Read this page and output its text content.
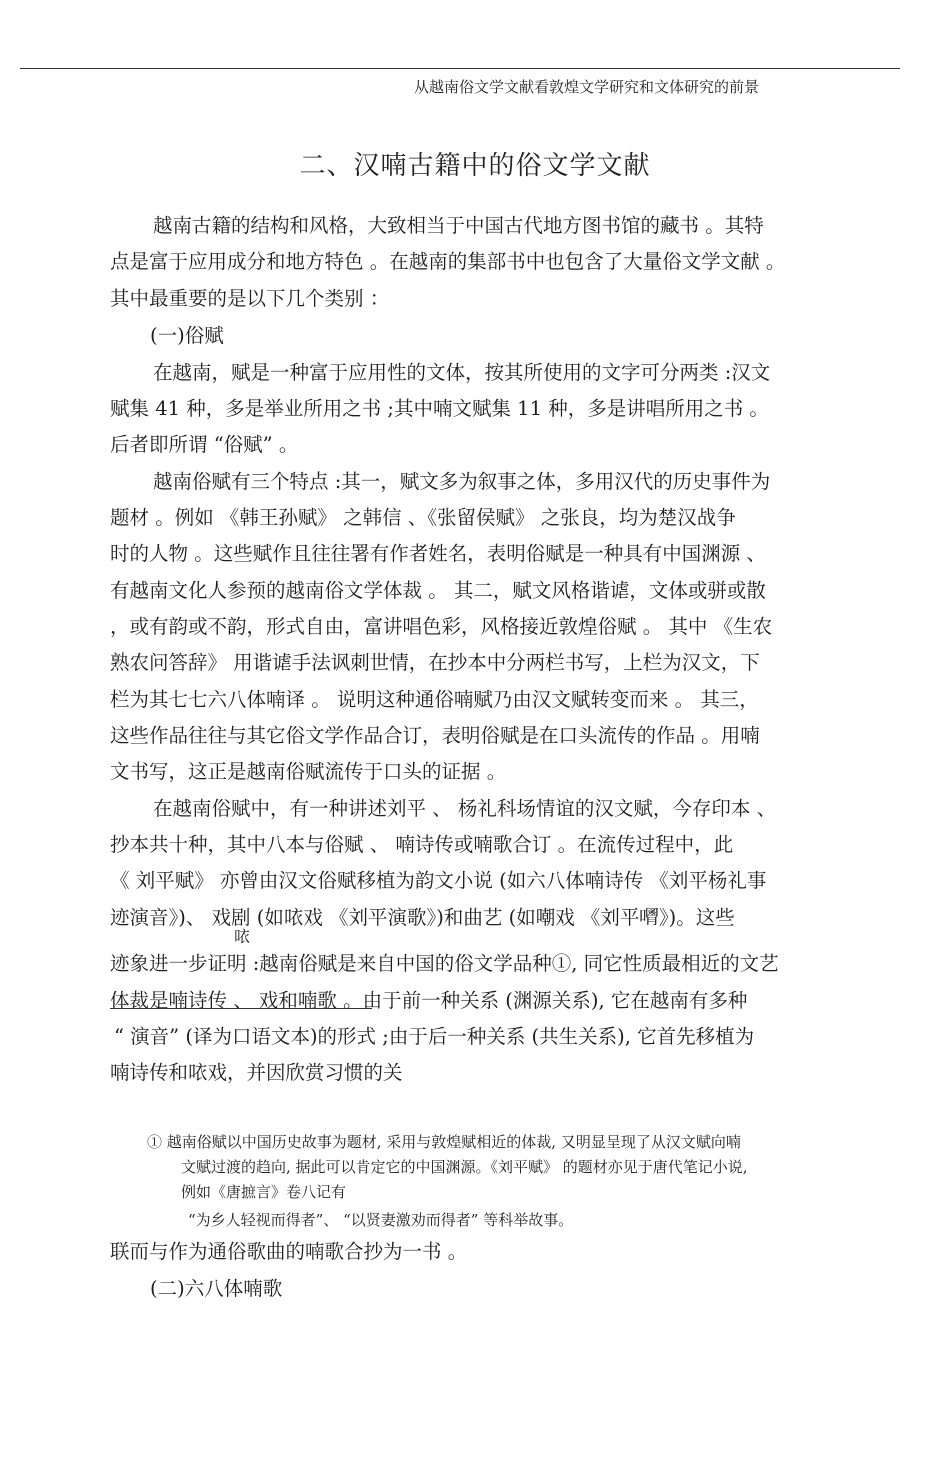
从越南俗文学文献看敦煌文学研究和文体研究的前景
二、汉喃古籍中的俗文学文献
越南古籍的结构和风格，大致相当于中国古代地方图书馆的藏书 。其特
点是富于应用成分和地方特色 。在越南的集部书中也包含了大量俗文学文献 。
其中最重要的是以下几个类别 ：
(一)俗赋
在越南，赋是一种富于应用性的文体，按其所使用的文字可分两类 :汉文
赋集 41 种，多是举业所用之书 ;其中喃文赋集 11 种，多是讲唱所用之书 。
后者即所谓 “俗赋” 。
越南俗赋有三个特点 :其一，赋文多为叙事之体，多用汉代的历史事件为
题材 。例如 《韩王孙赋》 之韩信 、《张留侯赋》 之张良，均为楚汉战争
时的人物 。这些赋作且往往署有作者姓名，表明俗赋是一种具有中国渊源 、
有越南文化人参预的越南俗文学体裁 。 其二，赋文风格谐谑，文体或骈或散
，或有韵或不韵，形式自由，富讲唱色彩，风格接近敦煌俗赋 。 其中 《生农
熟农问答辞》 用谐谑手法讽刺世情，在抄本中分两栏书写，上栏为汉文，下
栏为其七七六八体喃译 。 说明这种通俗喃赋乃由汉文赋转变而来 。 其三，
这些作品往往与其它俗文学作品合订，表明俗赋是在口头流传的作品 。用喃
文书写，这正是越南俗赋流传于口头的证据 。
在越南俗赋中，有一种讲述刘平 、 杨礼科场情谊的汉文赋，今存印本 、
抄本共十种，其中八本与俗赋 、 喃诗传或喃歌合订 。在流传过程中，此
《 刘平赋》 亦曾由汉文俗赋移植为韵文小说 (如六八体喃诗传 《刘平杨礼事
迹演音》)、 戏剧 (如𠲖戏 《刘平演歌》)和曲艺 (如嘲戏 《刘平𠿥》)。这些
𠲖
迹象进一步证明 :越南俗赋是来自中国的俗文学品种①, 同它性质最相近的文艺
体裁是喃诗传 、 戏和喃歌 。由于前一种关系 (渊源关系), 它在越南有多种
“ 演音” (译为口语文本)的形式 ;由于后一种关系 (共生关系), 它首先移植为
喃诗传和𠲖戏，并因欣赏习惯的关
① 越南俗赋以中国历史故事为题材, 采用与敦煌赋相近的体裁, 又明显呈现了从汉文赋向喃
文赋过渡的趋向, 据此可以肯定它的中国渊源。《刘平赋》 的题材亦见于唐代笔记小说,
例如《唐摭言》卷八记有
“为乡人轻视而得者”、 “以贤妻激劝而得者” 等科举故事。
联而与作为通俗歌曲的喃歌合抄为一书 。
(二)六八体喃歌
